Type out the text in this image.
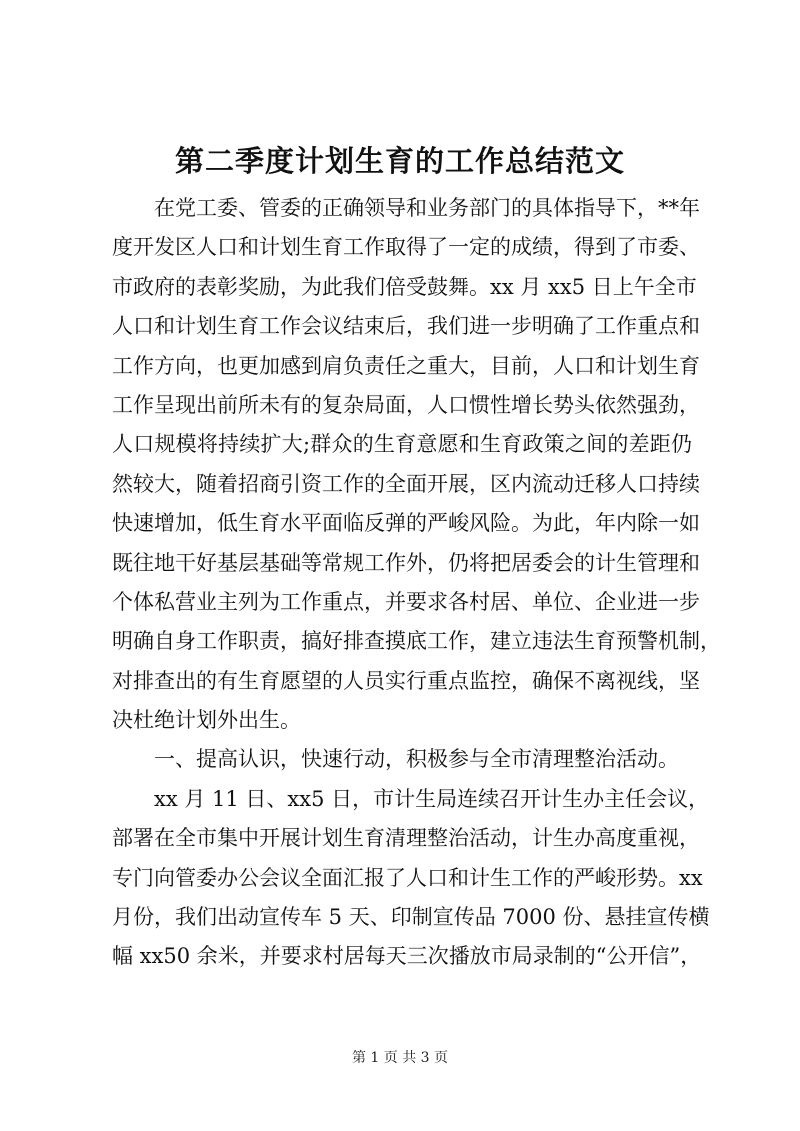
第二季度计划生育的工作总结范文
在党工委、管委的正确领导和业务部门的具体指导下，**年
度开发区人口和计划生育工作取得了一定的成绩，得到了市委、
市政府的表彰奖励，为此我们倍受鼓舞。xx 月 xx5 日上午全市
人口和计划生育工作会议结束后，我们进一步明确了工作重点和
工作方向，也更加感到肩负责任之重大，目前，人口和计划生育
工作呈现出前所未有的复杂局面，人口惯性增长势头依然强劲，
人口规模将持续扩大;群众的生育意愿和生育政策之间的差距仍
然较大，随着招商引资工作的全面开展，区内流动迁移人口持续
快速增加，低生育水平面临反弹的严峻风险。为此，年内除一如
既往地干好基层基础等常规工作外，仍将把居委会的计生管理和
个体私营业主列为工作重点，并要求各村居、单位、企业进一步
明确自身工作职责，搞好排查摸底工作，建立违法生育预警机制，
对排查出的有生育愿望的人员实行重点监控，确保不离视线，坚
决杜绝计划外出生。
一、提高认识，快速行动，积极参与全市清理整治活动。
xx 月 11 日、xx5 日，市计生局连续召开计生办主任会议，
部署在全市集中开展计划生育清理整治活动，计生办高度重视，
专门向管委办公会议全面汇报了人口和计生工作的严峻形势。xx
月份，我们出动宣传车 5 天、印制宣传品 7000 份、悬挂宣传横
幅 xx50 余米，并要求村居每天三次播放市局录制的“公开信”，
第 1 页 共 3 页
